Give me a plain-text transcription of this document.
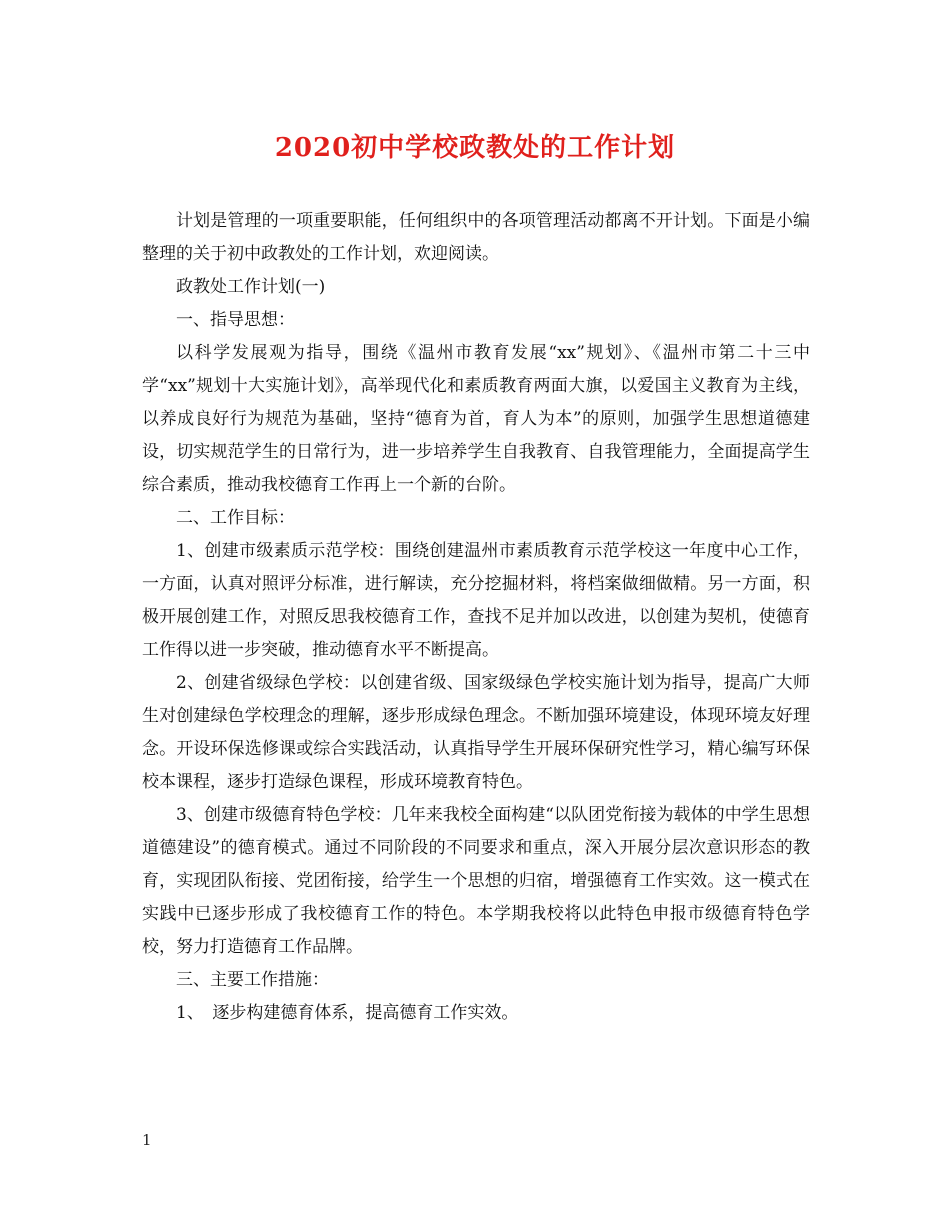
2020初中学校政教处的工作计划

计划是管理的一项重要职能，任何组织中的各项管理活动都离不开计划。下面是小编整理的关于初中政教处的工作计划，欢迎阅读。

政教处工作计划(一)

一、指导思想：

以科学发展观为指导，围绕《温州市教育发展“xx”规划》、《温州市第二十三中学“xx”规划十大实施计划》，高举现代化和素质教育两面大旗，以爱国主义教育为主线，以养成良好行为规范为基础，坚持“德育为首，育人为本”的原则，加强学生思想道德建设，切实规范学生的日常行为，进一步培养学生自我教育、自我管理能力，全面提高学生综合素质，推动我校德育工作再上一个新的台阶。

二、工作目标：

1、创建市级素质示范学校：围绕创建温州市素质教育示范学校这一年度中心工作，一方面，认真对照评分标准，进行解读，充分挖掘材料，将档案做细做精。另一方面，积极开展创建工作，对照反思我校德育工作，查找不足并加以改进，以创建为契机，使德育工作得以进一步突破，推动德育水平不断提高。

2、创建省级绿色学校：以创建省级、国家级绿色学校实施计划为指导，提高广大师生对创建绿色学校理念的理解，逐步形成绿色理念。不断加强环境建设，体现环境友好理念。开设环保选修课或综合实践活动，认真指导学生开展环保研究性学习，精心编写环保校本课程，逐步打造绿色课程，形成环境教育特色。

3、创建市级德育特色学校：几年来我校全面构建“以队团党衔接为载体的中学生思想道德建设”的德育模式。通过不同阶段的不同要求和重点，深入开展分层次意识形态的教育，实现团队衔接、党团衔接，给学生一个思想的归宿，增强德育工作实效。这一模式在实践中已逐步形成了我校德育工作的特色。本学期我校将以此特色申报市级德育特色学校，努力打造德育工作品牌。

三、主要工作措施：

1、　逐步构建德育体系，提高德育工作实效。

1
